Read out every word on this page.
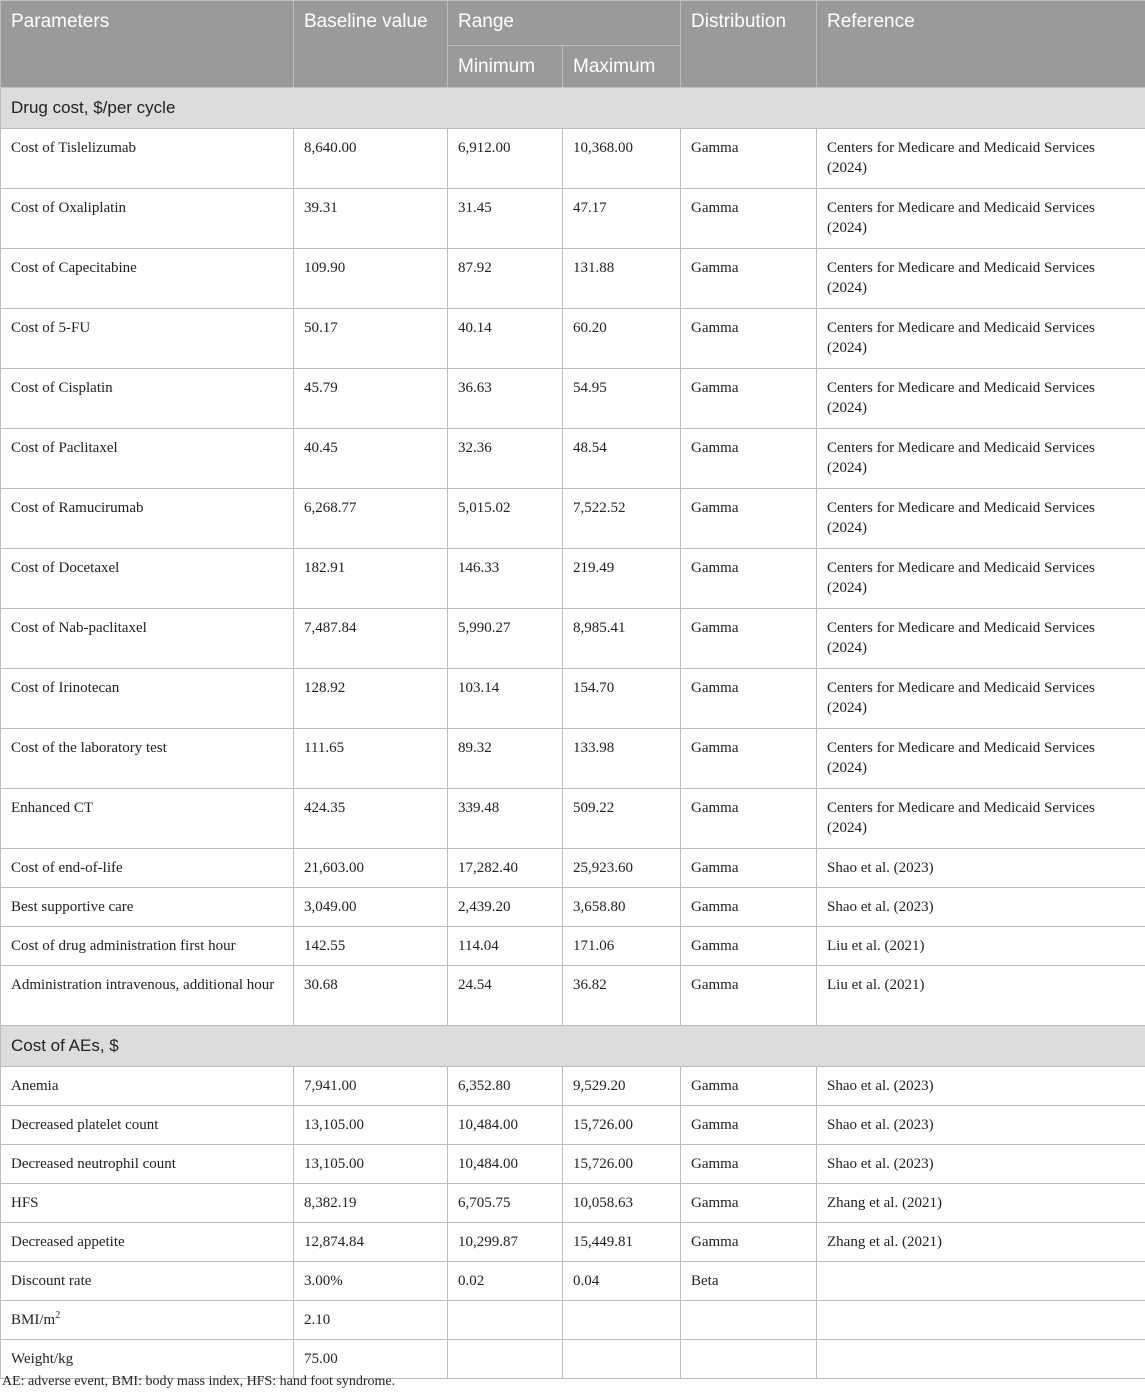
Parameters	Baseline value	Range		Distribution	Reference
		Minimum	Maximum		
Drug cost, $/per cycle					
Cost of Tislelizumab	8,640.00	6,912.00	10,368.00	Gamma	Centers for Medicare and Medicaid Services (2024)
Cost of Oxaliplatin	39.31	31.45	47.17	Gamma	Centers for Medicare and Medicaid Services (2024)
Cost of Capecitabine	109.90	87.92	131.88	Gamma	Centers for Medicare and Medicaid Services (2024)
Cost of 5-FU	50.17	40.14	60.20	Gamma	Centers for Medicare and Medicaid Services (2024)
Cost of Cisplatin	45.79	36.63	54.95	Gamma	Centers for Medicare and Medicaid Services (2024)
Cost of Paclitaxel	40.45	32.36	48.54	Gamma	Centers for Medicare and Medicaid Services (2024)
Cost of Ramucirumab	6,268.77	5,015.02	7,522.52	Gamma	Centers for Medicare and Medicaid Services (2024)
Cost of Docetaxel	182.91	146.33	219.49	Gamma	Centers for Medicare and Medicaid Services (2024)
Cost of Nab-paclitaxel	7,487.84	5,990.27	8,985.41	Gamma	Centers for Medicare and Medicaid Services (2024)
Cost of Irinotecan	128.92	103.14	154.70	Gamma	Centers for Medicare and Medicaid Services (2024)
Cost of the laboratory test	111.65	89.32	133.98	Gamma	Centers for Medicare and Medicaid Services (2024)
Enhanced CT	424.35	339.48	509.22	Gamma	Centers for Medicare and Medicaid Services (2024)
Cost of end-of-life	21,603.00	17,282.40	25,923.60	Gamma	Shao et al. (2023)
Best supportive care	3,049.00	2,439.20	3,658.80	Gamma	Shao et al. (2023)
Cost of drug administration first hour	142.55	114.04	171.06	Gamma	Liu et al. (2021)
Administration intravenous, additional hour	30.68	24.54	36.82	Gamma	Liu et al. (2021)
Cost of AEs, $					
Anemia	7,941.00	6,352.80	9,529.20	Gamma	Shao et al. (2023)
Decreased platelet count	13,105.00	10,484.00	15,726.00	Gamma	Shao et al. (2023)
Decreased neutrophil count	13,105.00	10,484.00	15,726.00	Gamma	Shao et al. (2023)
HFS	8,382.19	6,705.75	10,058.63	Gamma	Zhang et al. (2021)
Decreased appetite	12,874.84	10,299.87	15,449.81	Gamma	Zhang et al. (2021)
Discount rate	3.00%	0.02	0.04	Beta	
BMI/$m^2$	2.10				
Weight/kg	75.00				

AE: adverse event, BMI: body mass index, HFS: hand foot syndrome.
